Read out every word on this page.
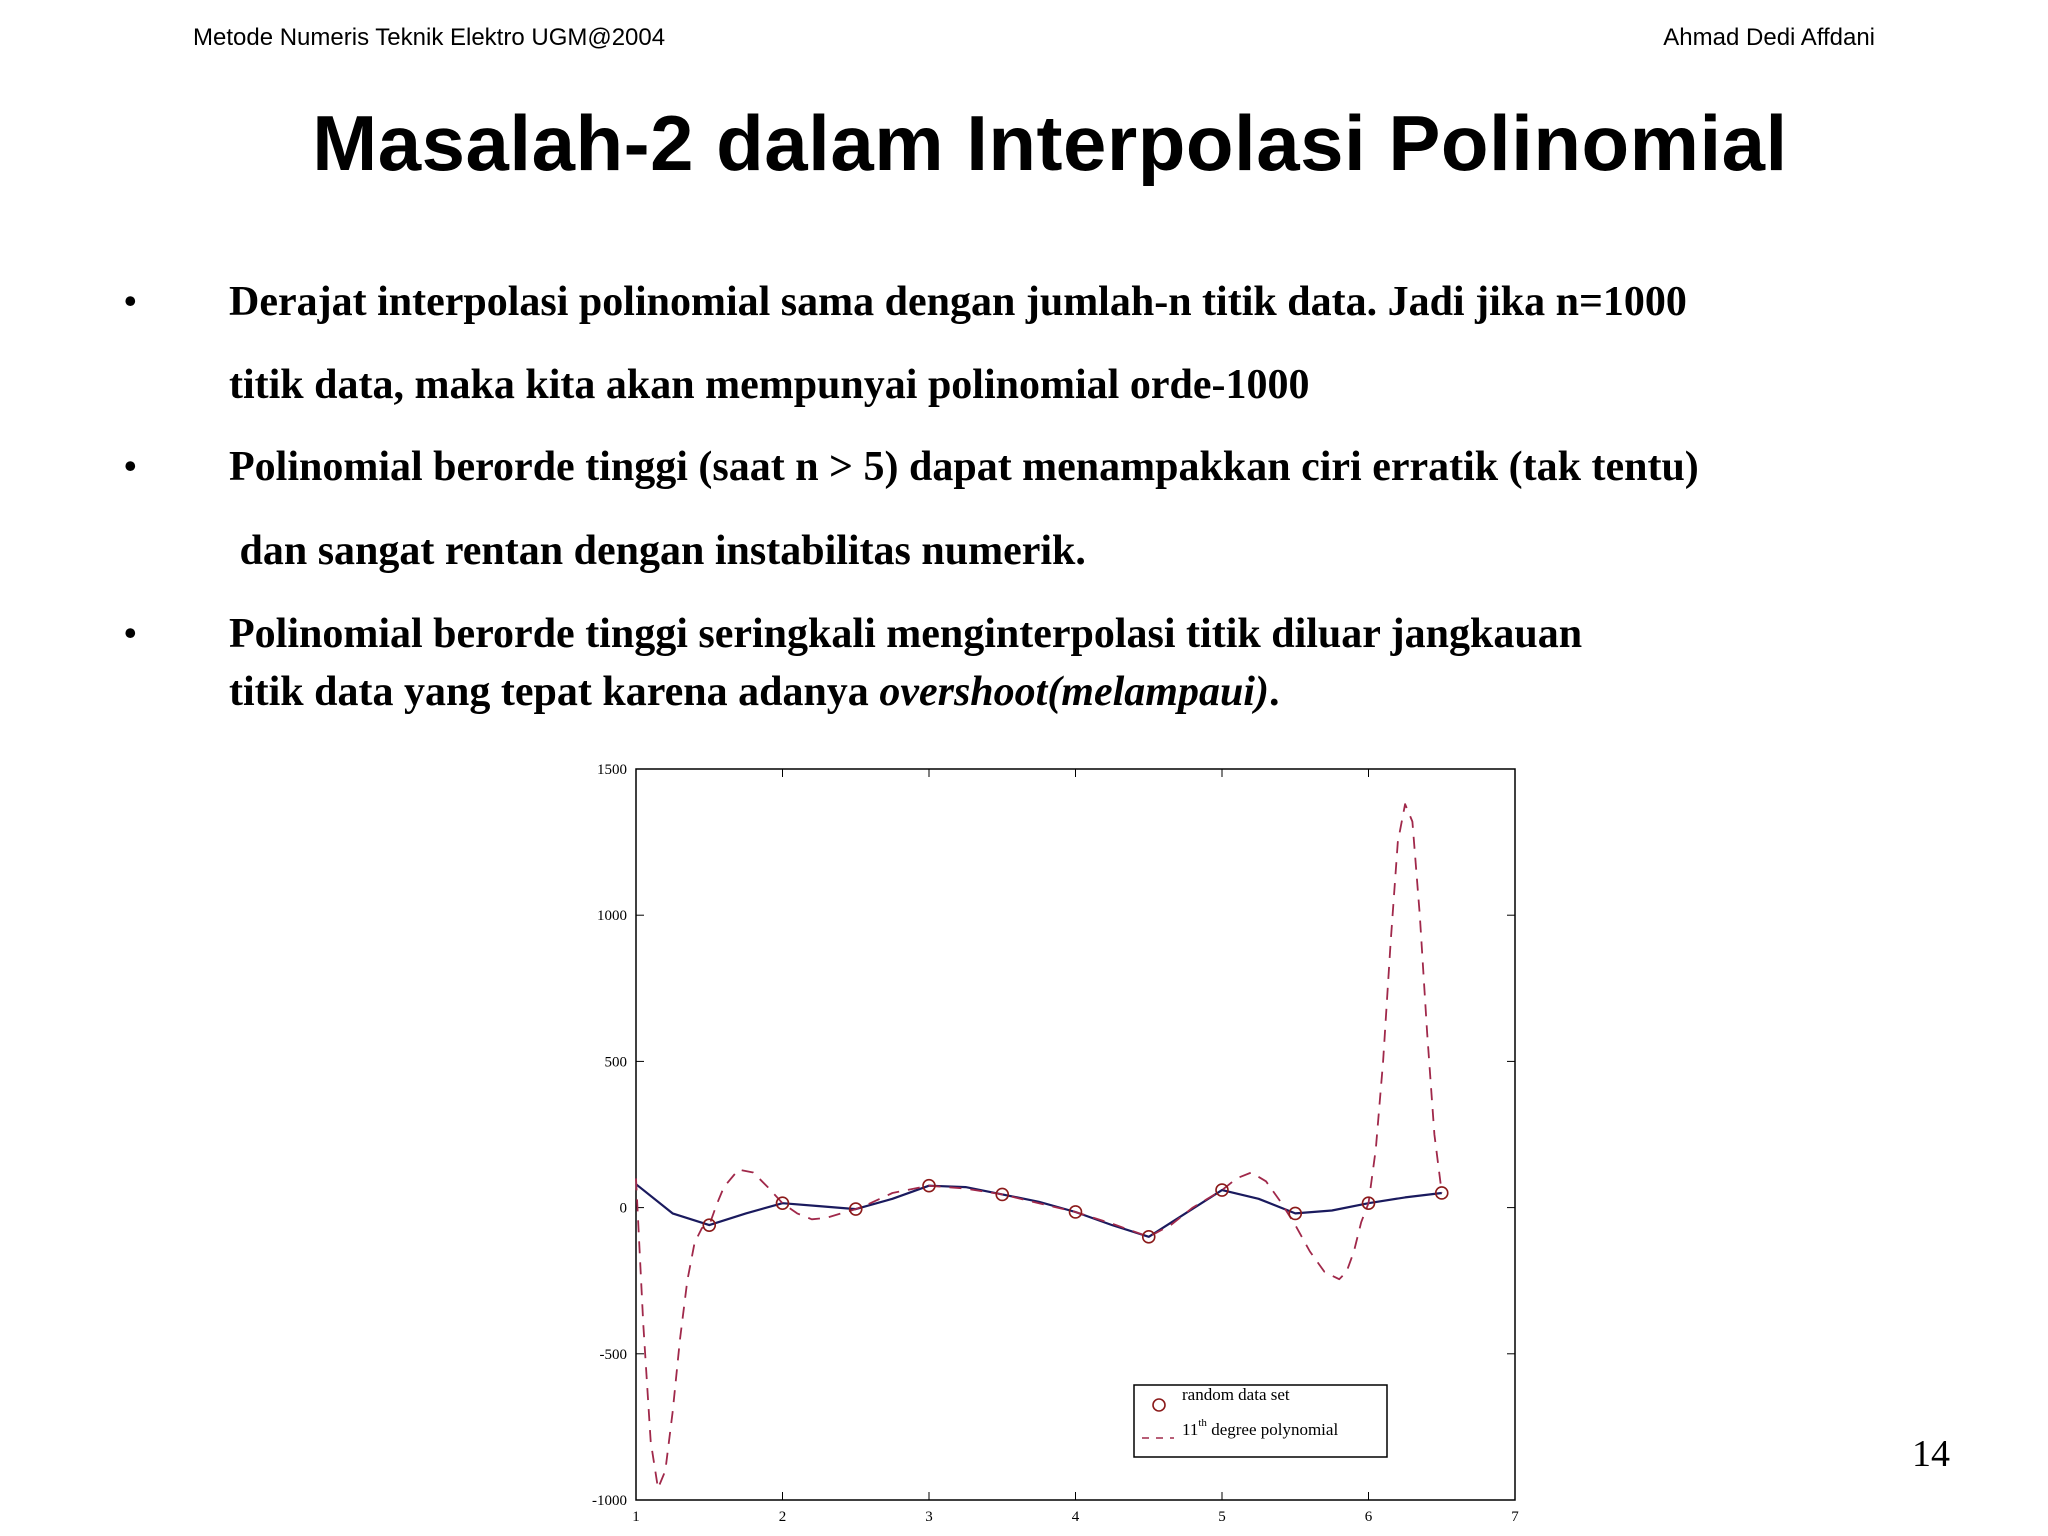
Metode Numeris Teknik Elektro UGM@2004	Ahmad Dedi Affdani
Masalah-2 dalam Interpolasi Polinomial
• Derajat interpolasi polinomial sama dengan jumlah-n titik data. Jadi jika n=1000
titik data, maka kita akan mempunyai polinomial orde-1000
• Polinomial berorde tinggi (saat n > 5) dapat menampakkan ciri erratik (tak tentu)
dan sangat rentan dengan instabilitas numerik.
• Polinomial berorde tinggi seringkali menginterpolasi titik diluar jangkauan
titik data yang tepat karena adanya overshoot(melampaui).
1	2	3	4	5	6	7
1500
1000
500
0
-500
-1000
random data set
11th degree polynomial
14
